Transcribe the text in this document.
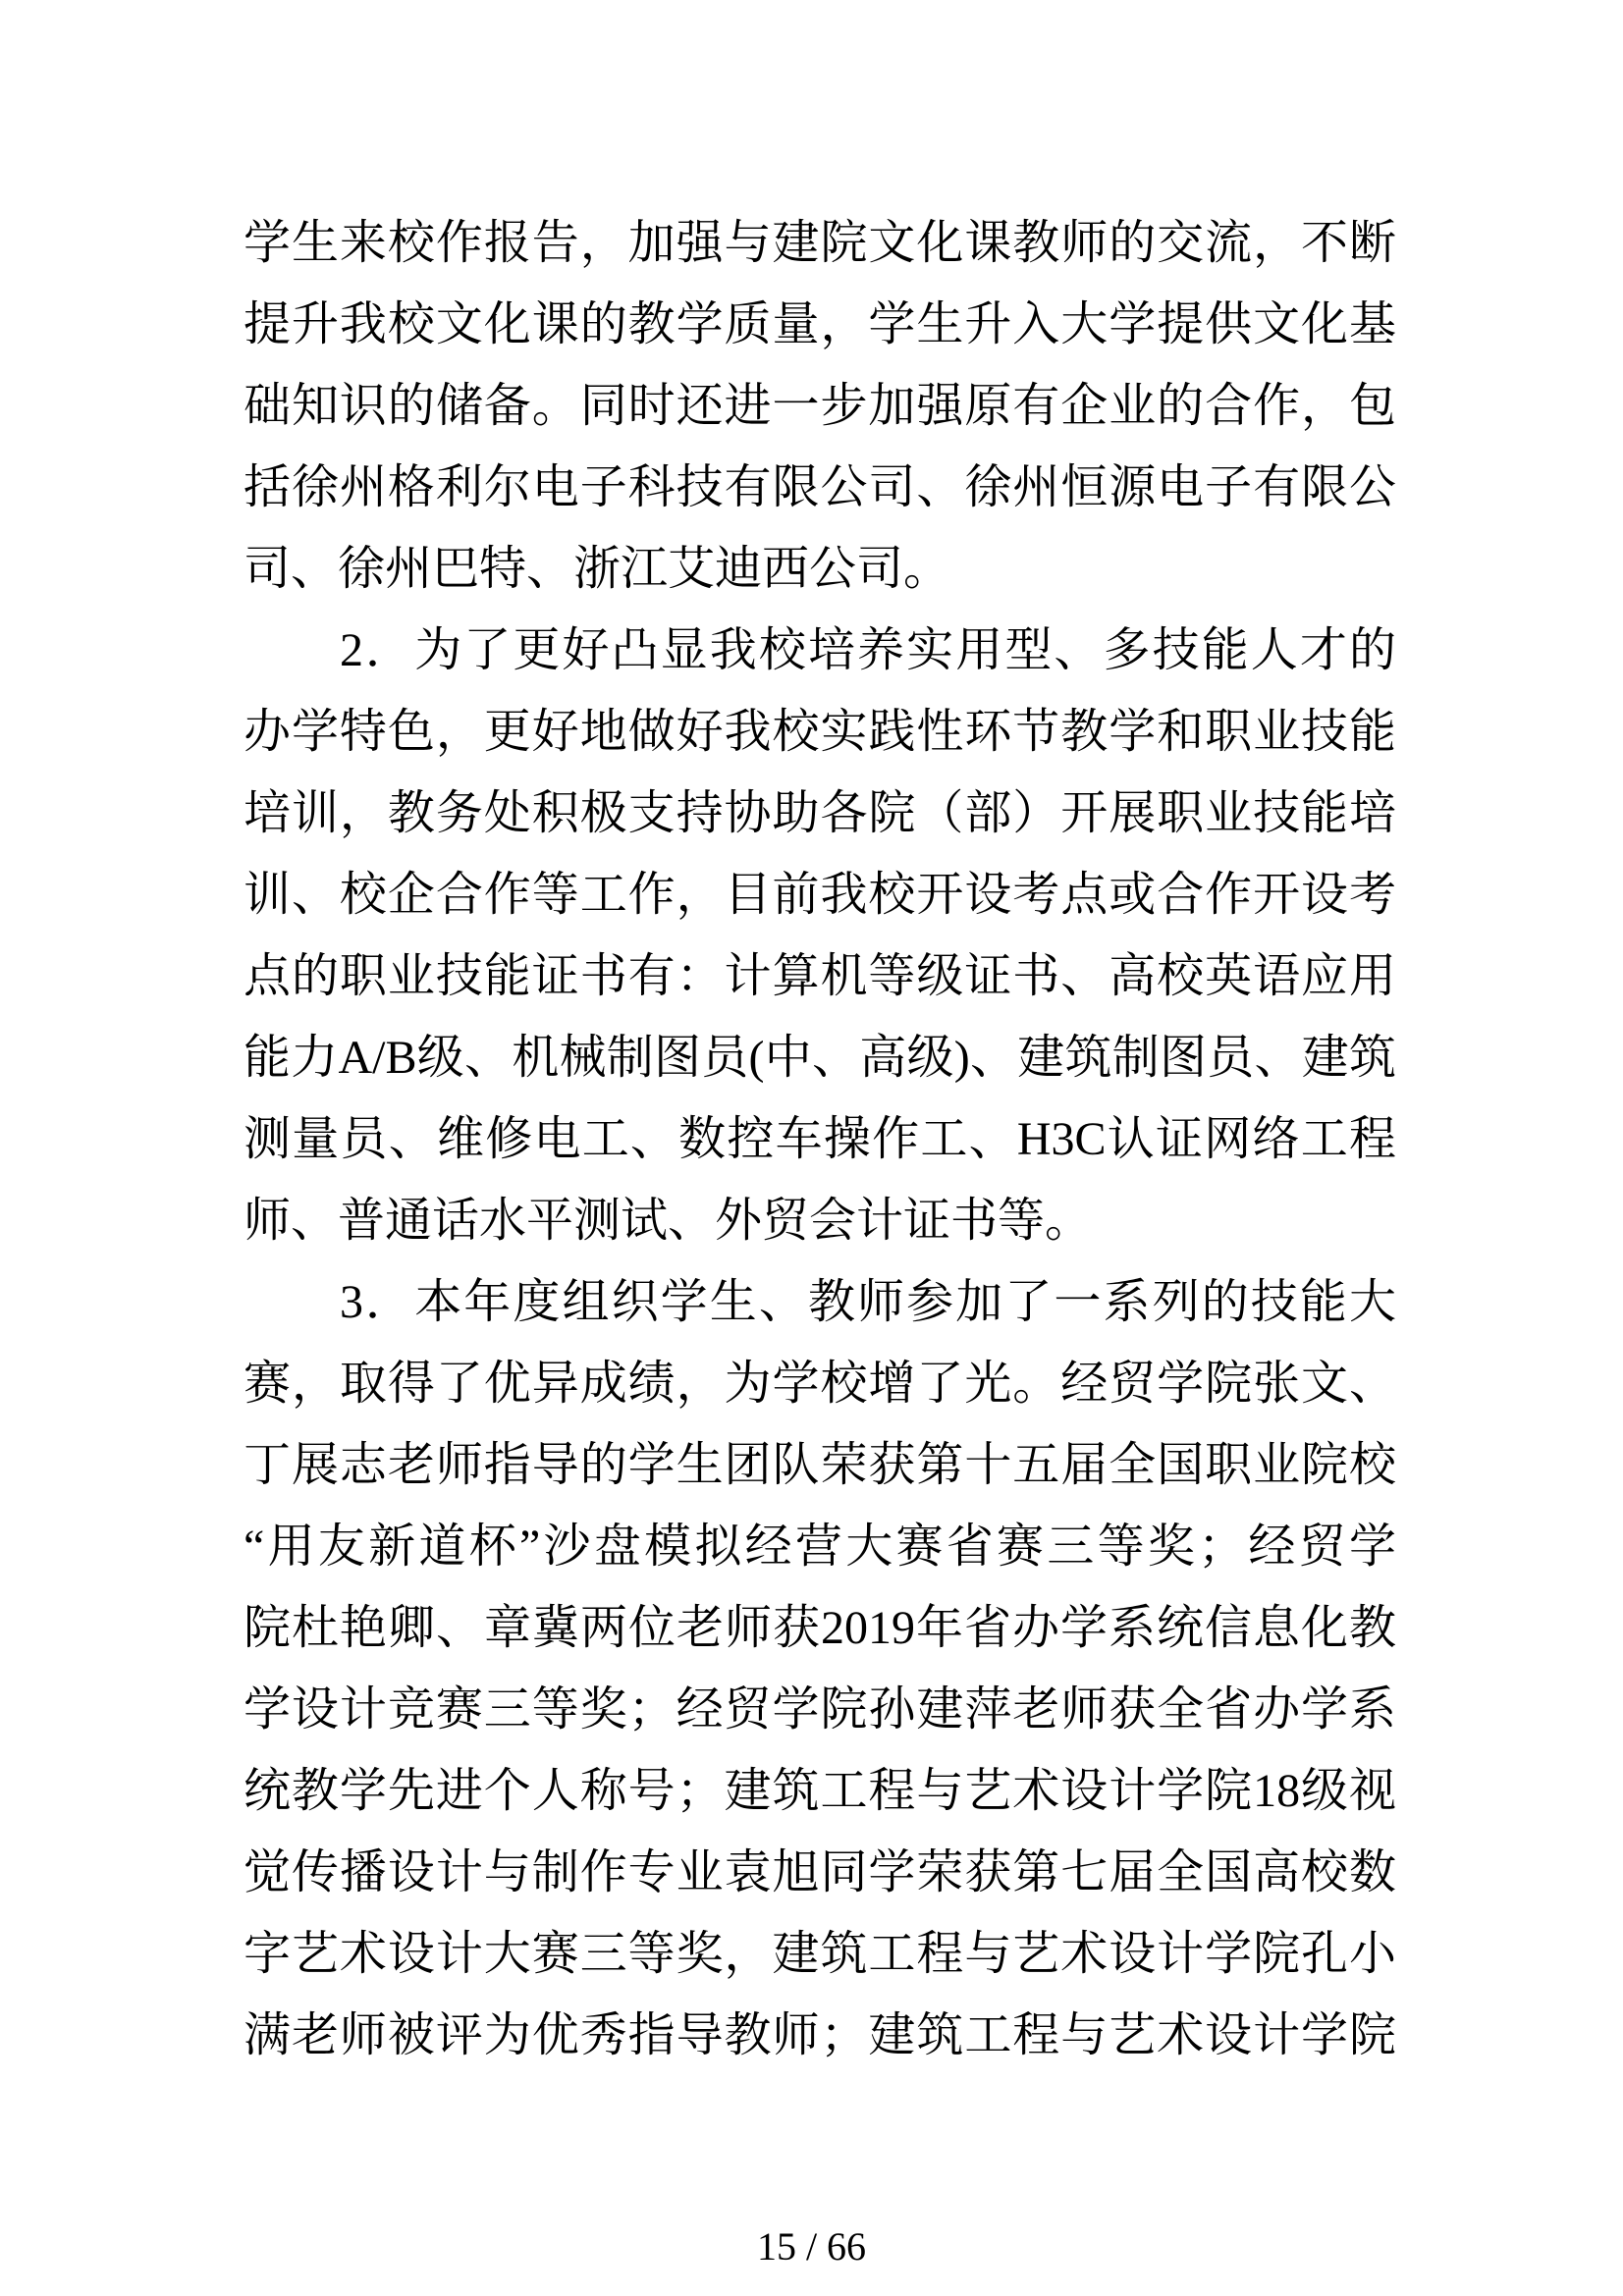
学生来校作报告，加强与建院文化课教师的交流，不断
提升我校文化课的教学质量，学生升入大学提供文化基
础知识的储备。同时还进一步加强原有企业的合作，包
括徐州格利尔电子科技有限公司、徐州恒源电子有限公
司、徐州巴特、浙江艾迪西公司。
2．为了更好凸显我校培养实用型、多技能人才的
办学特色，更好地做好我校实践性环节教学和职业技能
培训，教务处积极支持协助各院（部）开展职业技能培
训、校企合作等工作，目前我校开设考点或合作开设考
点的职业技能证书有：计算机等级证书、高校英语应用
能力A/B级、机械制图员(中、高级)、建筑制图员、建筑
测量员、维修电工、数控车操作工、H3C认证网络工程
师、普通话水平测试、外贸会计证书等。
3．本年度组织学生、教师参加了一系列的技能大
赛，取得了优异成绩，为学校增了光。经贸学院张文、
丁展志老师指导的学生团队荣获第十五届全国职业院校
“用友新道杯”沙盘模拟经营大赛省赛三等奖；经贸学
院杜艳卿、章冀两位老师获2019年省办学系统信息化教
学设计竞赛三等奖；经贸学院孙建萍老师获全省办学系
统教学先进个人称号；建筑工程与艺术设计学院18级视
觉传播设计与制作专业袁旭同学荣获第七届全国高校数
字艺术设计大赛三等奖，建筑工程与艺术设计学院孔小
满老师被评为优秀指导教师；建筑工程与艺术设计学院
15 / 66
